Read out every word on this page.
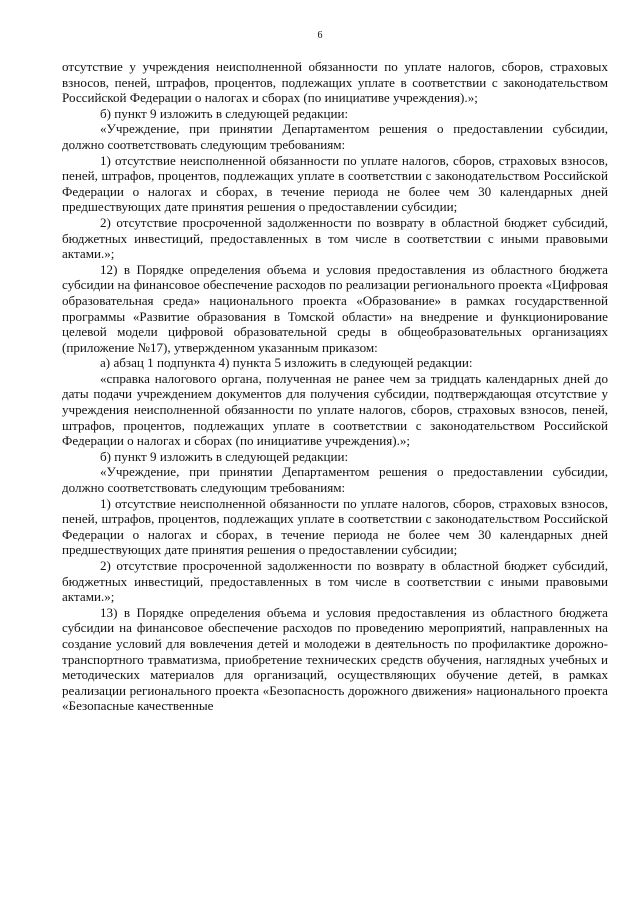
6

отсутствие у учреждения неисполненной обязанности по уплате налогов, сборов, страховых взносов, пеней, штрафов, процентов, подлежащих уплате в соответствии с законодательством Российской Федерации о налогах и сборах (по инициативе учреждения).»;

б) пункт 9 изложить в следующей редакции:

«Учреждение, при принятии Департаментом решения о предоставлении субсидии, должно соответствовать следующим требованиям:

1) отсутствие неисполненной обязанности по уплате налогов, сборов, страховых взносов, пеней, штрафов, процентов, подлежащих уплате в соответствии с законодательством Российской Федерации о налогах и сборах, в течение периода не более чем 30 календарных дней предшествующих дате принятия решения о предоставлении субсидии;

2) отсутствие просроченной задолженности по возврату в областной бюджет субсидий, бюджетных инвестиций, предоставленных в том числе в соответствии с иными правовыми актами.»;

12) в Порядке определения объема и условия предоставления из областного бюджета субсидии на финансовое обеспечение расходов по реализации регионального проекта «Цифровая образовательная среда» национального проекта «Образование» в рамках государственной программы «Развитие образования в Томской области» на внедрение и функционирование целевой модели цифровой образовательной среды в общеобразовательных организациях (приложение №17), утвержденном указанным приказом:

а) абзац 1 подпункта 4) пункта 5 изложить в следующей редакции:

«справка налогового органа, полученная не ранее чем за тридцать календарных дней до даты подачи учреждением документов для получения субсидии, подтверждающая отсутствие у учреждения неисполненной обязанности по уплате налогов, сборов, страховых взносов, пеней, штрафов, процентов, подлежащих уплате в соответствии с законодательством Российской Федерации о налогах и сборах (по инициативе учреждения).»;

б) пункт 9 изложить в следующей редакции:

«Учреждение, при принятии Департаментом решения о предоставлении субсидии, должно соответствовать следующим требованиям:

1) отсутствие неисполненной обязанности по уплате налогов, сборов, страховых взносов, пеней, штрафов, процентов, подлежащих уплате в соответствии с законодательством Российской Федерации о налогах и сборах, в течение периода не более чем 30 календарных дней предшествующих дате принятия решения о предоставлении субсидии;

2) отсутствие просроченной задолженности по возврату в областной бюджет субсидий, бюджетных инвестиций, предоставленных в том числе в соответствии с иными правовыми актами.»;

13) в Порядке определения объема и условия предоставления из областного бюджета субсидии на финансовое обеспечение расходов по проведению мероприятий, направленных на создание условий для вовлечения детей и молодежи в деятельность по профилактике дорожно-транспортного травматизма, приобретение технических средств обучения, наглядных учебных и методических материалов для организаций, осуществляющих обучение детей, в рамках реализации регионального проекта «Безопасность дорожного движения» национального проекта «Безопасные качественные
